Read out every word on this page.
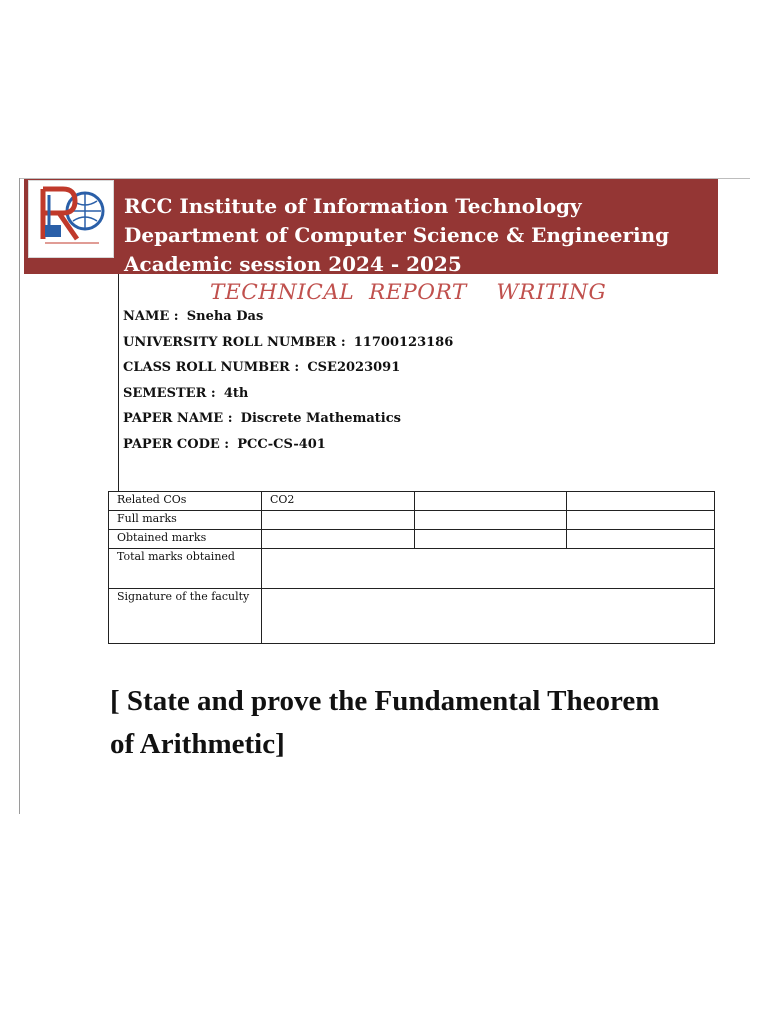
RCC Institute of Information Technology
Department of Computer Science & Engineering
Academic session 2024 - 2025
TECHNICAL  REPORT    WRITING
NAME : Sneha Das
UNIVERSITY ROLL NUMBER : 11700123186
CLASS ROLL NUMBER : CSE2023091
SEMESTER : 4th
PAPER NAME : Discrete Mathematics
PAPER CODE : PCC-CS-401
Related COs	CO2		
Full marks			
Obtained marks			
Total marks obtained			
Signature of the faculty			
[ State and prove the Fundamental Theorem of Arithmetic]
